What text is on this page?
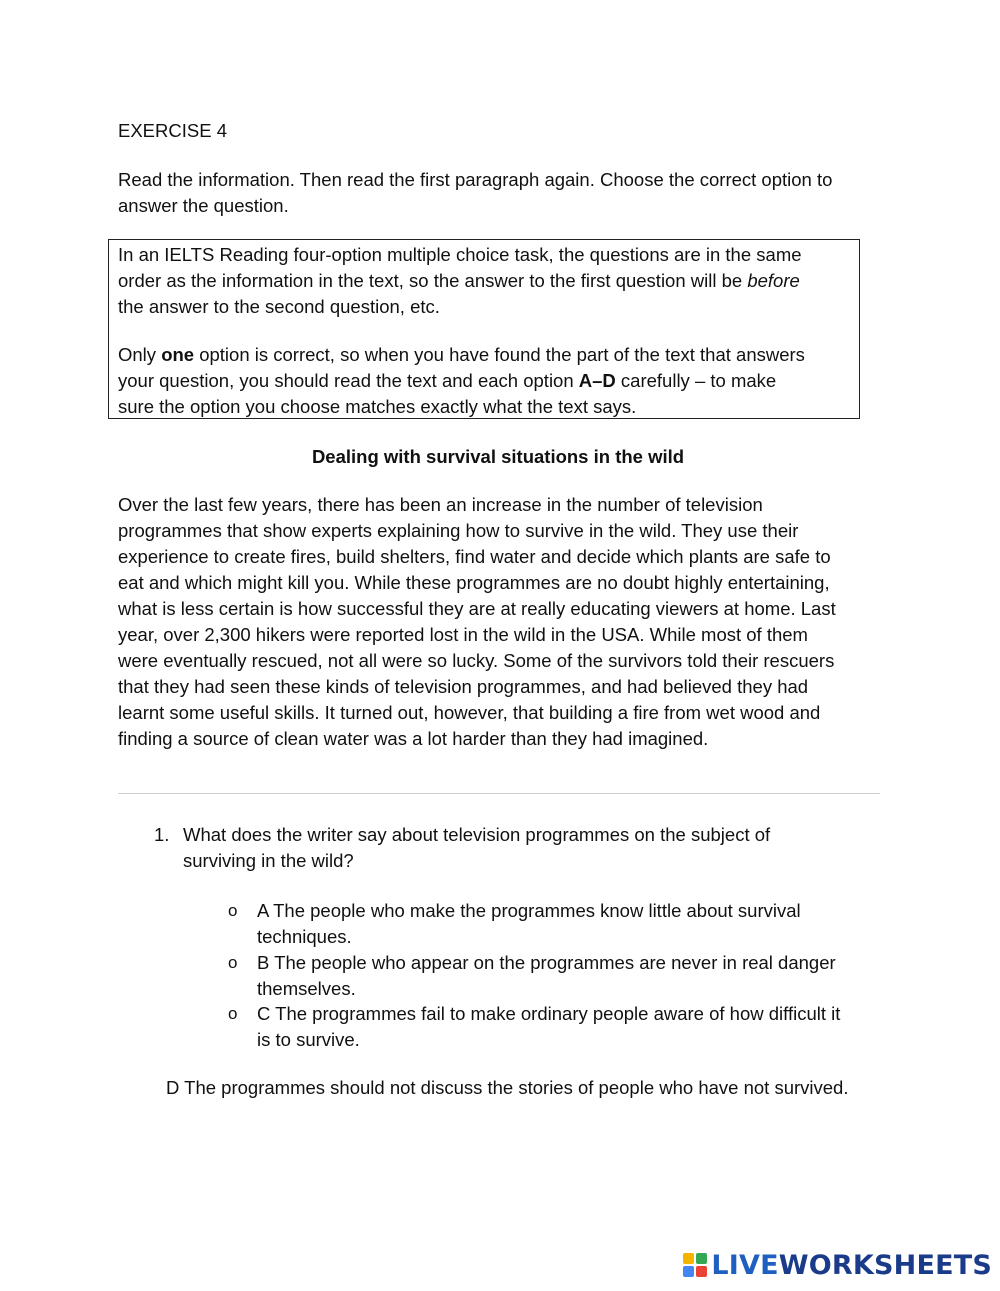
EXERCISE 4
Read the information. Then read the first paragraph again. Choose the correct option to
answer the question.
In an IELTS Reading four-option multiple choice task, the questions are in the same
order as the information in the text, so the answer to the first question will be before
the answer to the second question, etc.
Only one option is correct, so when you have found the part of the text that answers
your question, you should read the text and each option A–D carefully – to make
sure the option you choose matches exactly what the text says.
Dealing with survival situations in the wild
Over the last few years, there has been an increase in the number of television
programmes that show experts explaining how to survive in the wild. They use their
experience to create fires, build shelters, find water and decide which plants are safe to
eat and which might kill you. While these programmes are no doubt highly entertaining,
what is less certain is how successful they are at really educating viewers at home. Last
year, over 2,300 hikers were reported lost in the wild in the USA. While most of them
were eventually rescued, not all were so lucky. Some of the survivors told their rescuers
that they had seen these kinds of television programmes, and had believed they had
learnt some useful skills. It turned out, however, that building a fire from wet wood and
finding a source of clean water was a lot harder than they had imagined.
1. What does the writer say about television programmes on the subject of
surviving in the wild?
o A The people who make the programmes know little about survival
techniques.
o B The people who appear on the programmes are never in real danger
themselves.
o C The programmes fail to make ordinary people aware of how difficult it
is to survive.
D The programmes should not discuss the stories of people who have not survived.
LIVEWORKSHEETS
